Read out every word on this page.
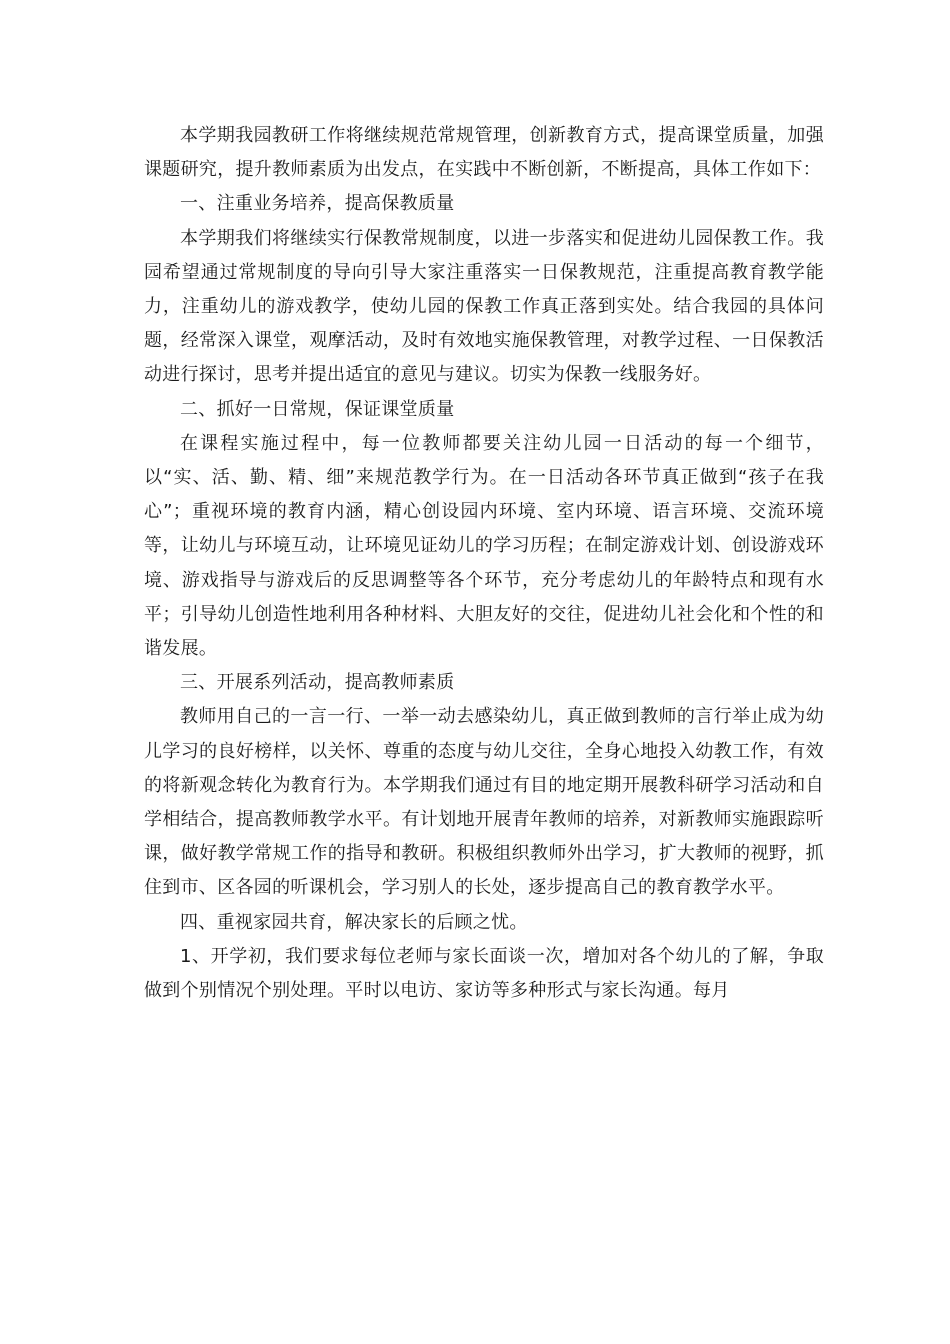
本学期我园教研工作将继续规范常规管理，创新教育方式，提高课堂质量，加强课题研究，提升教师素质为出发点，在实践中不断创新，不断提高，具体工作如下：

一、注重业务培养，提高保教质量

本学期我们将继续实行保教常规制度，以进一步落实和促进幼儿园保教工作。我园希望通过常规制度的导向引导大家注重落实一日保教规范，注重提高教育教学能力，注重幼儿的游戏教学，使幼儿园的保教工作真正落到实处。结合我园的具体问题，经常深入课堂，观摩活动，及时有效地实施保教管理，对教学过程、一日保教活动进行探讨，思考并提出适宜的意见与建议。切实为保教一线服务好。

二、抓好一日常规，保证课堂质量

在课程实施过程中，每一位教师都要关注幼儿园一日活动的每一个细节，以“实、活、勤、精、细”来规范教学行为。在一日活动各环节真正做到“孩子在我心”；重视环境的教育内涵，精心创设园内环境、室内环境、语言环境、交流环境等，让幼儿与环境互动，让环境见证幼儿的学习历程；在制定游戏计划、创设游戏环境、游戏指导与游戏后的反思调整等各个环节，充分考虑幼儿的年龄特点和现有水平；引导幼儿创造性地利用各种材料、大胆友好的交往，促进幼儿社会化和个性的和谐发展。

三、开展系列活动，提高教师素质

教师用自己的一言一行、一举一动去感染幼儿，真正做到教师的言行举止成为幼儿学习的良好榜样，以关怀、尊重的态度与幼儿交往，全身心地投入幼教工作，有效的将新观念转化为教育行为。本学期我们通过有目的地定期开展教科研学习活动和自学相结合，提高教师教学水平。有计划地开展青年教师的培养，对新教师实施跟踪听课，做好教学常规工作的指导和教研。积极组织教师外出学习，扩大教师的视野，抓住到市、区各园的听课机会，学习别人的长处，逐步提高自己的教育教学水平。

四、重视家园共育，解决家长的后顾之忧。

1、开学初，我们要求每位老师与家长面谈一次，增加对各个幼儿的了解，争取做到个别情况个别处理。平时以电访、家访等多种形式与家长沟通。每月
